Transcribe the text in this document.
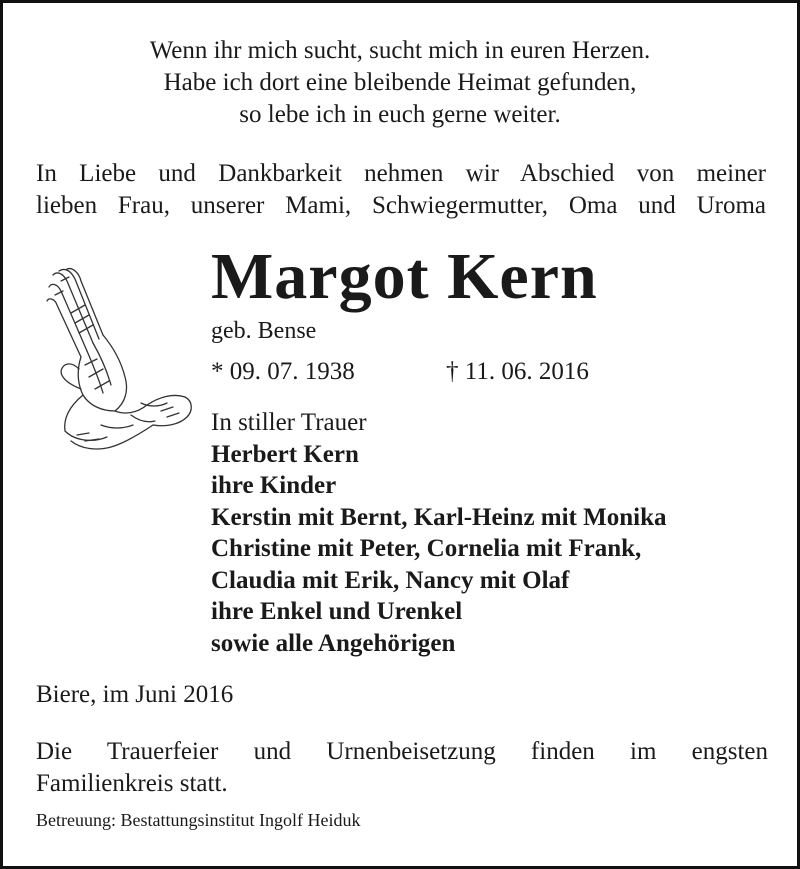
Wenn ihr mich sucht, sucht mich in euren Herzen.
Habe ich dort eine bleibende Heimat gefunden,
so lebe ich in euch gerne weiter.
In Liebe und Dankbarkeit nehmen wir Abschied von meiner
lieben Frau, unserer Mami, Schwiegermutter, Oma und Uroma
Margot Kern
geb. Bense
* 09. 07. 1938	† 11. 06. 2016
In stiller Trauer
Herbert Kern
ihre Kinder
Kerstin mit Bernt, Karl-Heinz mit Monika
Christine mit Peter, Cornelia mit Frank,
Claudia mit Erik, Nancy mit Olaf
ihre Enkel und Urenkel
sowie alle Angehörigen
Biere, im Juni 2016
Die Trauerfeier und Urnenbeisetzung finden im engsten
Familienkreis statt.
Betreuung: Bestattungsinstitut Ingolf Heiduk
